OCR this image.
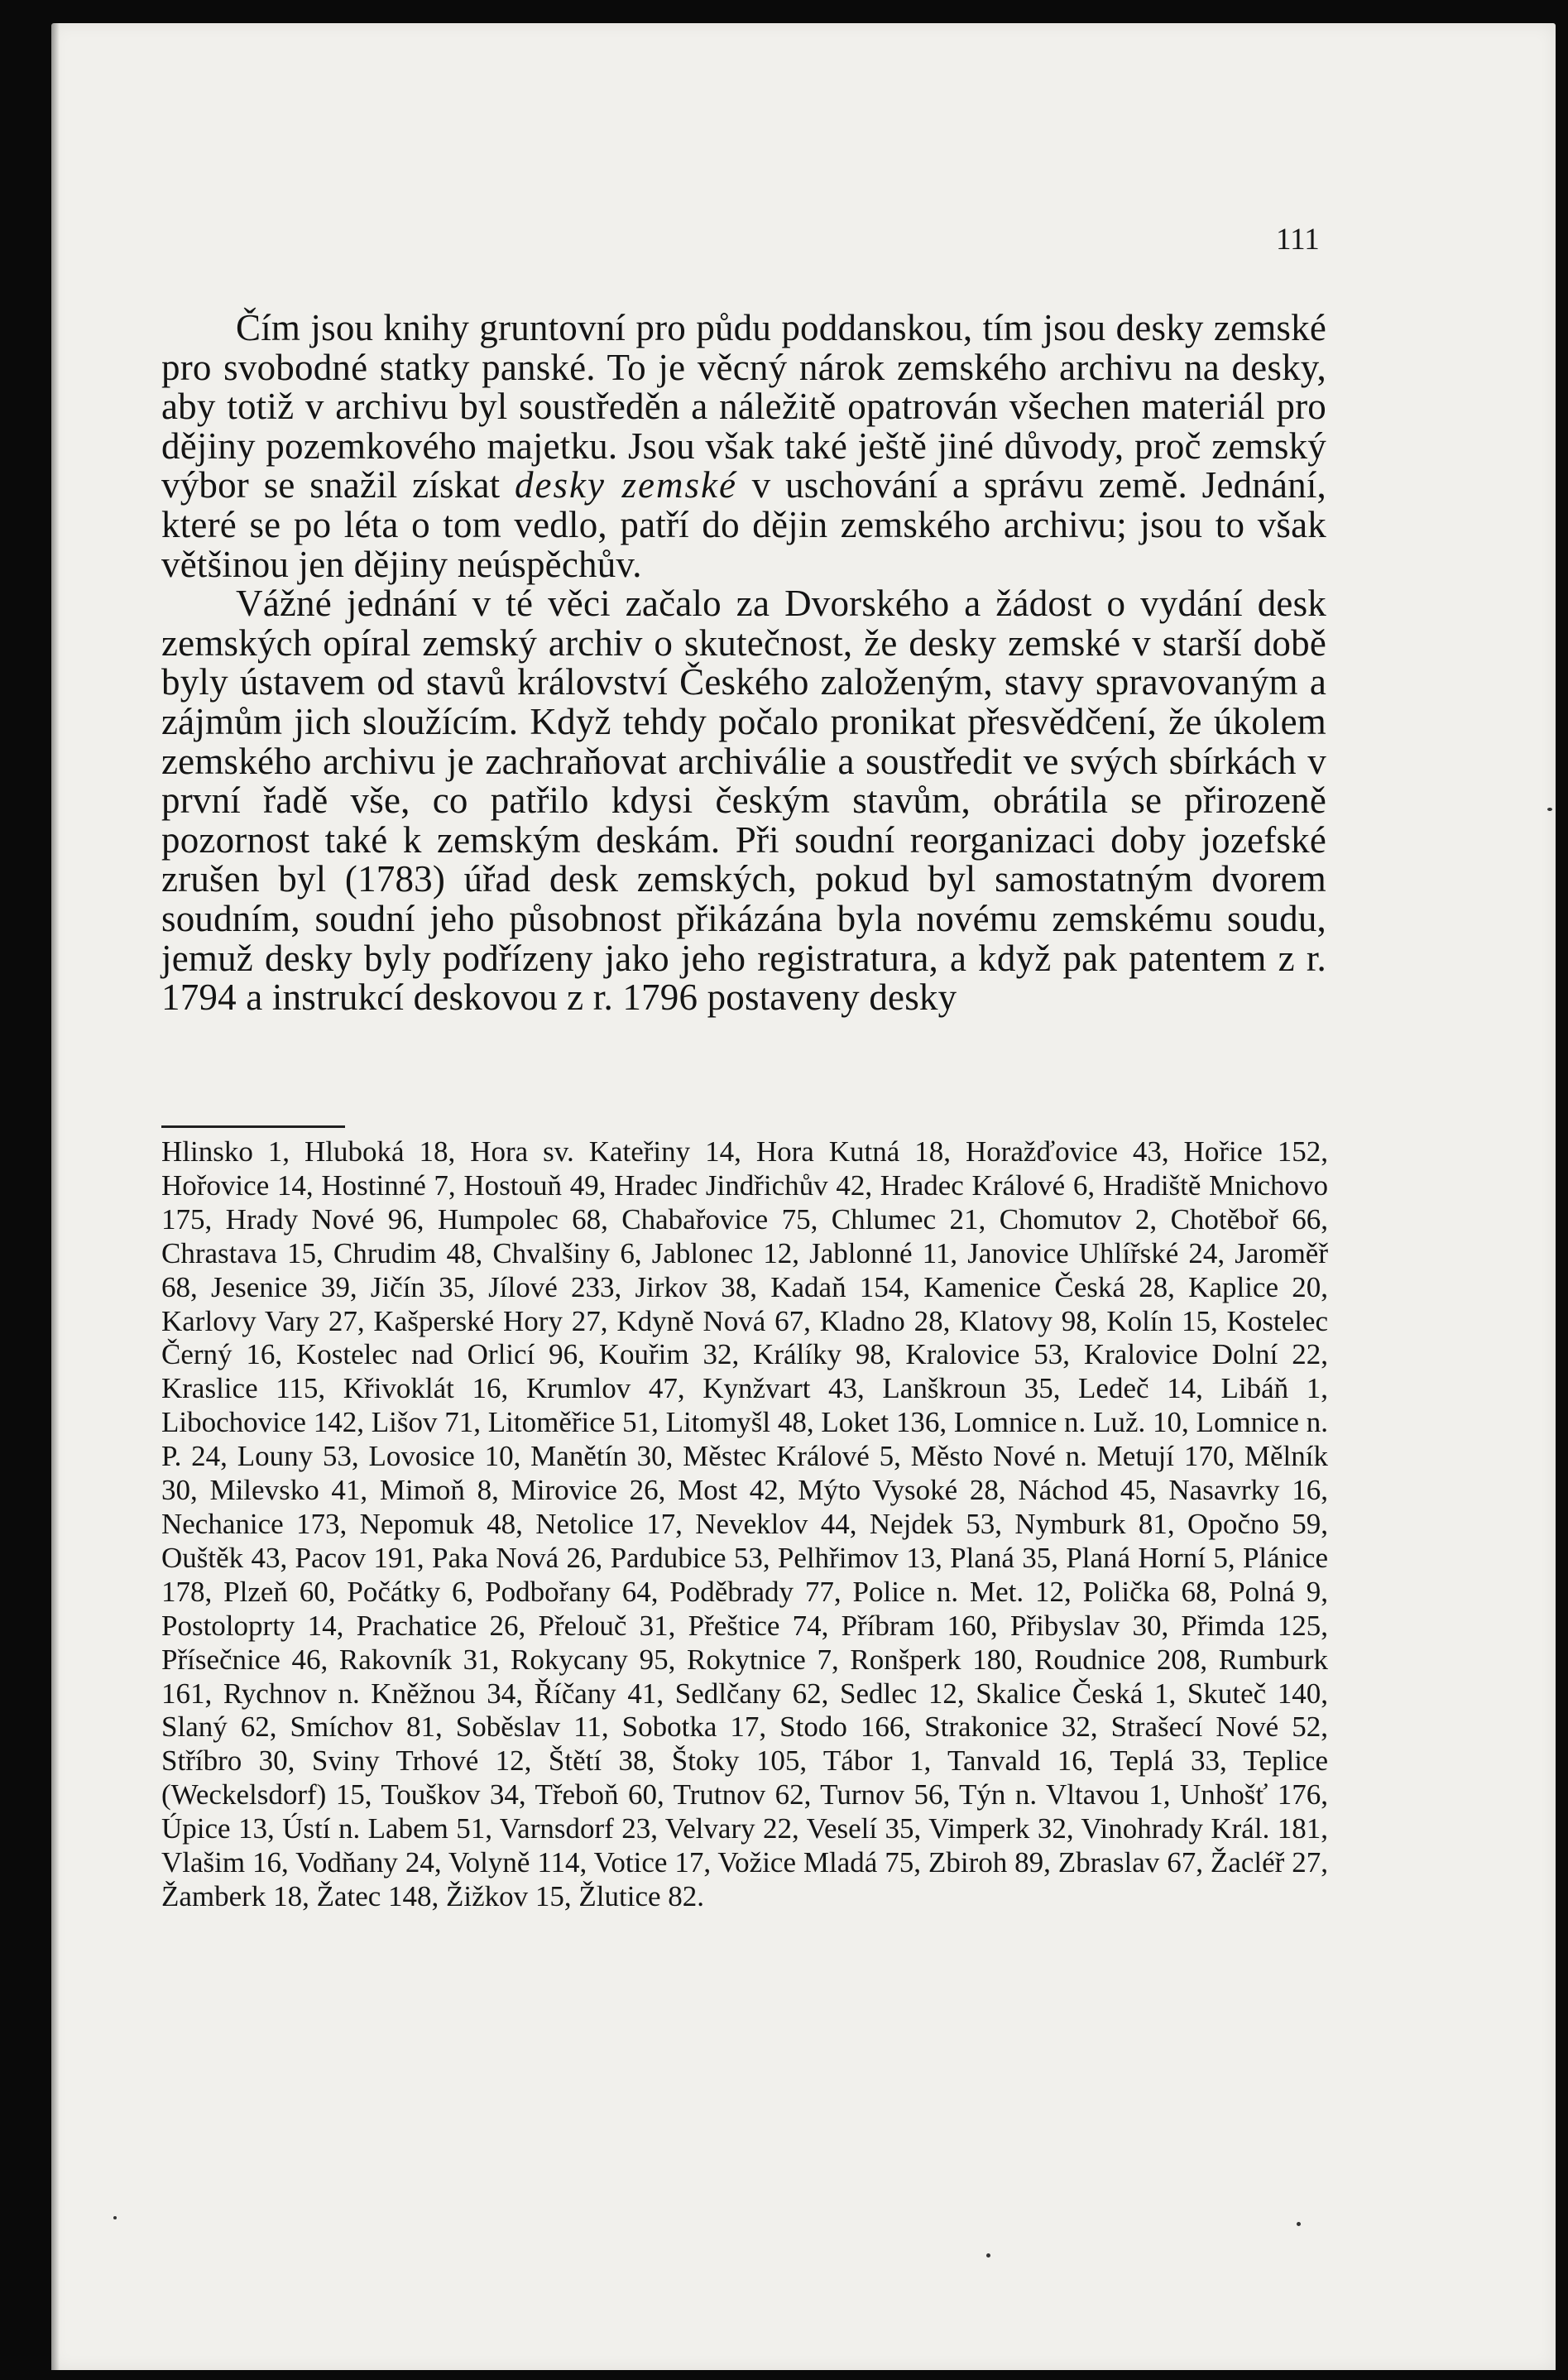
111

Čím jsou knihy gruntovní pro půdu poddanskou, tím jsou desky zemské pro svobodné statky panské. To je věcný nárok zemského archivu na desky, aby totiž v archivu byl soustředěn a náležitě opatrován všechen materiál pro dějiny pozemkového majetku. Jsou však také ještě jiné důvody, proč zemský výbor se snažil získat desky zemské v uschování a správu země. Jednání, které se po léta o tom vedlo, patří do dějin zemského archivu; jsou to však většinou jen dějiny neúspěchův.

Vážné jednání v té věci začalo za Dvorského a žádost o vydání desk zemských opíral zemský archiv o skutečnost, že desky zemské v starší době byly ústavem od stavů království Českého založeným, stavy spravovaným a zájmům jich sloužícím. Když tehdy počalo pronikat přesvědčení, že úkolem zemského archivu je zachraňovat archiválie a soustředit ve svých sbírkách v první řadě vše, co patřilo kdysi českým stavům, obrátila se přirozeně pozornost také k zemským deskám. Při soudní reorganizaci doby jozefské zrušen byl (1783) úřad desk zemských, pokud byl samostatným dvorem soudním, soudní jeho působnost přikázána byla novému zemskému soudu, jemuž desky byly podřízeny jako jeho registratura, a když pak patentem z r. 1794 a instrukcí deskovou z r. 1796 postaveny desky

Hlinsko 1, Hluboká 18, Hora sv. Kateřiny 14, Hora Kutná 18, Horažďovice 43, Hořice 152, Hořovice 14, Hostinné 7, Hostouň 49, Hradec Jindřichův 42, Hradec Králové 6, Hradiště Mnichovo 175, Hrady Nové 96, Humpolec 68, Chabařovice 75, Chlumec 21, Chomutov 2, Chotěboř 66, Chrastava 15, Chrudim 48, Chvalšiny 6, Jablonec 12, Jablonné 11, Janovice Uhlířské 24, Jaroměř 68, Jesenice 39, Jičín 35, Jílové 233, Jirkov 38, Kadaň 154, Kamenice Česká 28, Kaplice 20, Karlovy Vary 27, Kašperské Hory 27, Kdyně Nová 67, Kladno 28, Klatovy 98, Kolín 15, Kostelec Černý 16, Kostelec nad Orlicí 96, Kouřim 32, Králíky 98, Kralovice 53, Kralovice Dolní 22, Kraslice 115, Křivoklát 16, Krumlov 47, Kynžvart 43, Lanškroun 35, Ledeč 14, Libáň 1, Libochovice 142, Lišov 71, Litoměřice 51, Litomyšl 48, Loket 136, Lomnice n. Luž. 10, Lomnice n. P. 24, Louny 53, Lovosice 10, Manětín 30, Městec Králové 5, Město Nové n. Metují 170, Mělník 30, Milevsko 41, Mimoň 8, Mirovice 26, Most 42, Mýto Vysoké 28, Náchod 45, Nasavrky 16, Nechanice 173, Nepomuk 48, Netolice 17, Neveklov 44, Nejdek 53, Nymburk 81, Opočno 59, Ouštěk 43, Pacov 191, Paka Nová 26, Pardubice 53, Pelhřimov 13, Planá 35, Planá Horní 5, Plánice 178, Plzeň 60, Počátky 6, Podbořany 64, Poděbrady 77, Police n. Met. 12, Polička 68, Polná 9, Postoloprty 14, Prachatice 26, Přelouč 31, Přeštice 74, Příbram 160, Přibyslav 30, Přimda 125, Přísečnice 46, Rakovník 31, Rokycany 95, Rokytnice 7, Ronšperk 180, Roudnice 208, Rumburk 161, Rychnov n. Kněžnou 34, Říčany 41, Sedlčany 62, Sedlec 12, Skalice Česká 1, Skuteč 140, Slaný 62, Smíchov 81, Soběslav 11, Sobotka 17, Stodo 166, Strakonice 32, Strašecí Nové 52, Stříbro 30, Sviny Trhové 12, Štětí 38, Štoky 105, Tábor 1, Tanvald 16, Teplá 33, Teplice (Weckelsdorf) 15, Touškov 34, Třeboň 60, Trutnov 62, Turnov 56, Týn n. Vltavou 1, Unhošť 176, Úpice 13, Ústí n. Labem 51, Varnsdorf 23, Velvary 22, Veselí 35, Vimperk 32, Vinohrady Král. 181, Vlašim 16, Vodňany 24, Volyně 114, Votice 17, Vožice Mladá 75, Zbiroh 89, Zbraslav 67, Žacléř 27, Žamberk 18, Žatec 148, Žižkov 15, Žlutice 82.
